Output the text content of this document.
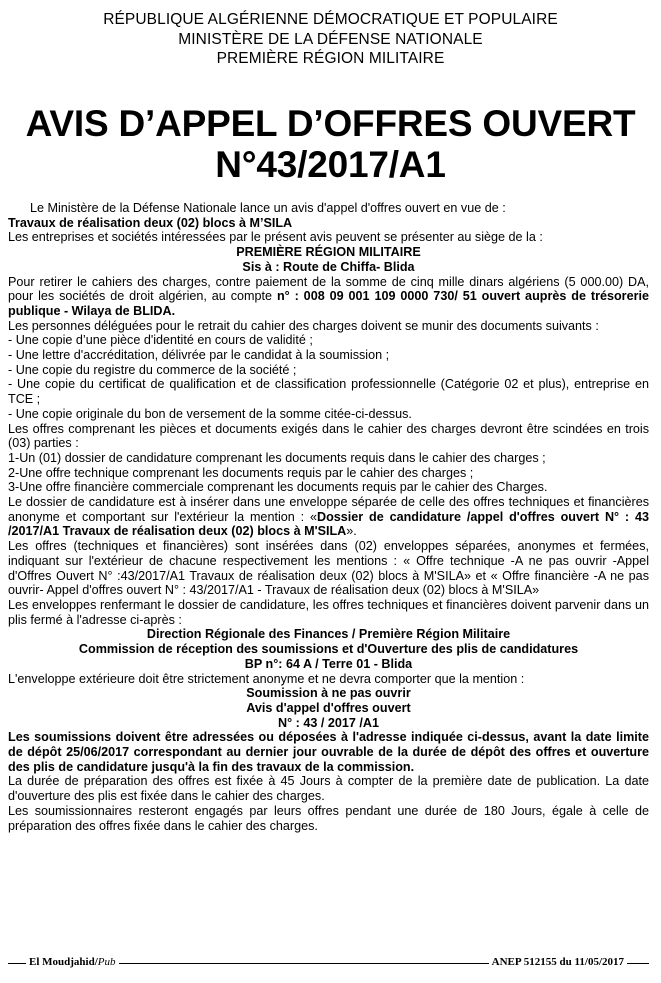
RÉPUBLIQUE ALGÉRIENNE DÉMOCRATIQUE ET POPULAIRE
MINISTÈRE DE LA DÉFENSE NATIONALE
PREMIÈRE RÉGION MILITAIRE
AVIS D’APPEL D’OFFRES OUVERT
N°43/2017/A1

Le Ministère de la Défense Nationale lance un avis d'appel d'offres ouvert en vue de :

Travaux de réalisation deux (02) blocs à M’SILA

Les entreprises et sociétés intéressées par le présent avis peuvent se présenter au siège de la :

PREMIÈRE RÉGION MILITAIRE

Sis à : Route de Chiffa- Blida

Pour retirer le cahiers des charges, contre paiement de la somme de cinq mille dinars algériens (5 000.00) DA, pour les sociétés de droit algérien, au compte n° : 008 09 001 109 0000 730/ 51 ouvert auprès de trésorerie publique - Wilaya de BLIDA.

Les personnes déléguées pour le retrait du cahier des charges doivent se munir des documents suivants :

- Une copie d’une pièce d'identité en cours de validité ;

- Une lettre d'accréditation, délivrée par le candidat à la soumission ;

- Une copie du registre du commerce de la société ;

- Une copie du certificat de qualification et de classification professionnelle (Catégorie 02 et plus), entreprise en TCE ;

- Une copie originale du bon de versement de la somme citée-ci-dessus.

Les offres comprenant les pièces et documents exigés dans le cahier des charges devront être scindées en trois (03) parties :

1-Un (01) dossier de candidature comprenant les documents requis dans le cahier des charges ;

2-Une offre technique comprenant les documents requis par le cahier des charges ;

3-Une offre financière commerciale comprenant les documents requis par le cahier des Charges.

Le dossier de candidature est à insérer dans une enveloppe séparée de celle des offres techniques et financières anonyme et comportant sur l'extérieur la mention : «Dossier de candidature /appel d'offres ouvert N° : 43 /2017/A1 Travaux de réalisation deux (02) blocs à M'SILA».

Les offres (techniques et financières) sont insérées dans (02) enveloppes séparées, anonymes et fermées, indiquant sur l'extérieur de chacune respectivement les mentions : « Offre technique -A ne pas ouvrir -Appel d'Offres Ouvert N° :43/2017/A1 Travaux de réalisation deux (02) blocs à M'SILA» et « Offre financière -A ne pas ouvrir- Appel d'offres ouvert N° : 43/2017/A1 - Travaux de réalisation deux (02) blocs à M'SILA»

Les enveloppes renfermant le dossier de candidature, les offres techniques et financières doivent parvenir dans un plis fermé à l'adresse ci-après :

Direction Régionale des Finances / Première Région Militaire

Commission de réception des soumissions et d'Ouverture des plis de candidatures

BP n°: 64 A / Terre 01 - Blida

L'enveloppe extérieure doit être strictement anonyme et ne devra comporter que la mention :

Soumission à ne pas ouvrir

Avis d'appel d'offres ouvert

N° : 43 / 2017 /A1

Les soumissions doivent être adressées ou déposées à l'adresse indiquée ci-dessus, avant la date limite de dépôt 25/06/2017 correspondant au dernier jour ouvrable de la durée de dépôt des offres et ouverture des plis de candidature jusqu'à la fin des travaux de la commission.

La durée de préparation des offres est fixée à 45 Jours à compter de la première date de publication. La date d'ouverture des plis est fixée dans le cahier des charges.

Les soumissionnaires resteront engagés par leurs offres pendant une durée de 180 Jours, égale à celle de préparation des offres fixée dans le cahier des charges.

El Moudjahid/Pub	ANEP 512155 du 11/05/2017
